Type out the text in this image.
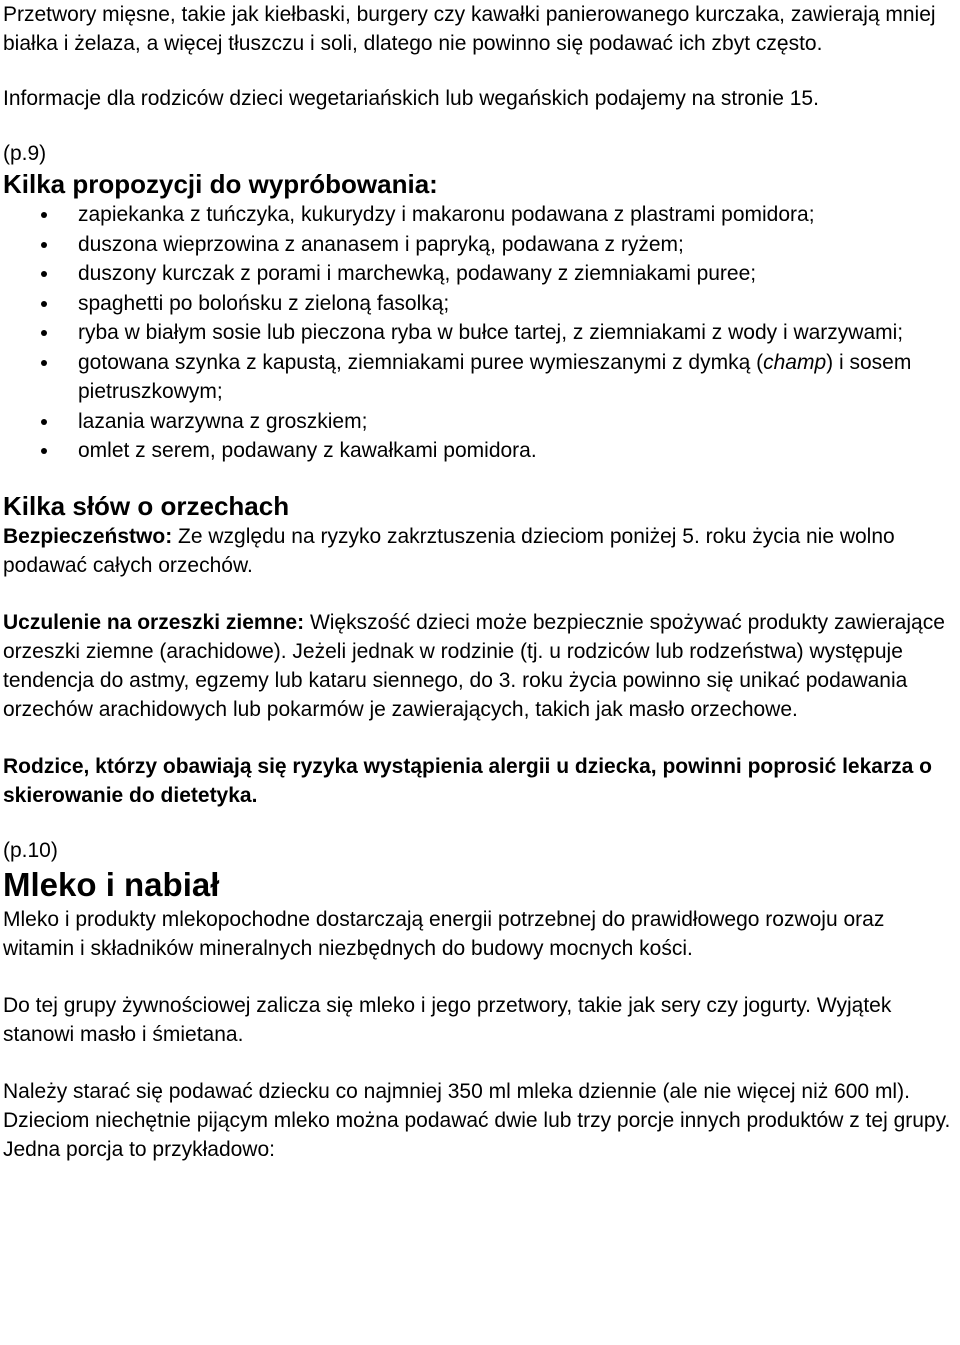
Przetwory mięsne, takie jak kiełbaski, burgery czy kawałki panierowanego kurczaka, zawierają mniej białka i żelaza, a więcej tłuszczu i soli, dlatego nie powinno się podawać ich zbyt często.

Informacje dla rodziców dzieci wegetariańskich lub wegańskich podajemy na stronie 15.

(p.9)
Kilka propozycji do wypróbowania:
zapiekanka z tuńczyka, kukurydzy i makaronu podawana z plastrami pomidora;
duszona wieprzowina z ananasem i papryką, podawana z ryżem;
duszony kurczak z porami i marchewką, podawany z ziemniakami puree;
spaghetti po bolońsku z zieloną fasolką;
ryba w białym sosie lub pieczona ryba w bułce tartej, z ziemniakami z wody i warzywami;
gotowana szynka z kapustą, ziemniakami puree wymieszanymi z dymką (champ) i sosem pietruszkowym;
lazania warzywna z groszkiem;
omlet z serem, podawany z kawałkami pomidora.
Kilka słów o orzechach

Bezpieczeństwo: Ze względu na ryzyko zakrztuszenia dzieciom poniżej 5. roku życia nie wolno podawać całych orzechów.

Uczulenie na orzeszki ziemne: Większość dzieci może bezpiecznie spożywać produkty zawierające orzeszki ziemne (arachidowe). Jeżeli jednak w rodzinie (tj. u rodziców lub rodzeństwa) występuje tendencja do astmy, egzemy lub kataru siennego, do 3. roku życia powinno się unikać podawania orzechów arachidowych lub pokarmów je zawierających, takich jak masło orzechowe.

Rodzice, którzy obawiają się ryzyka wystąpienia alergii u dziecka, powinni poprosić lekarza o skierowanie do dietetyka.

(p.10)
Mleko i nabiał

Mleko i produkty mlekopochodne dostarczają energii potrzebnej do prawidłowego rozwoju oraz witamin i składników mineralnych niezbędnych do budowy mocnych kości.

Do tej grupy żywnościowej zalicza się mleko i jego przetwory, takie jak sery czy jogurty. Wyjątek stanowi masło i śmietana.

Należy starać się podawać dziecku co najmniej 350 ml mleka dziennie (ale nie więcej niż 600 ml). Dzieciom niechętnie pijącym mleko można podawać dwie lub trzy porcje innych produktów z tej grupy. Jedna porcja to przykładowo:
